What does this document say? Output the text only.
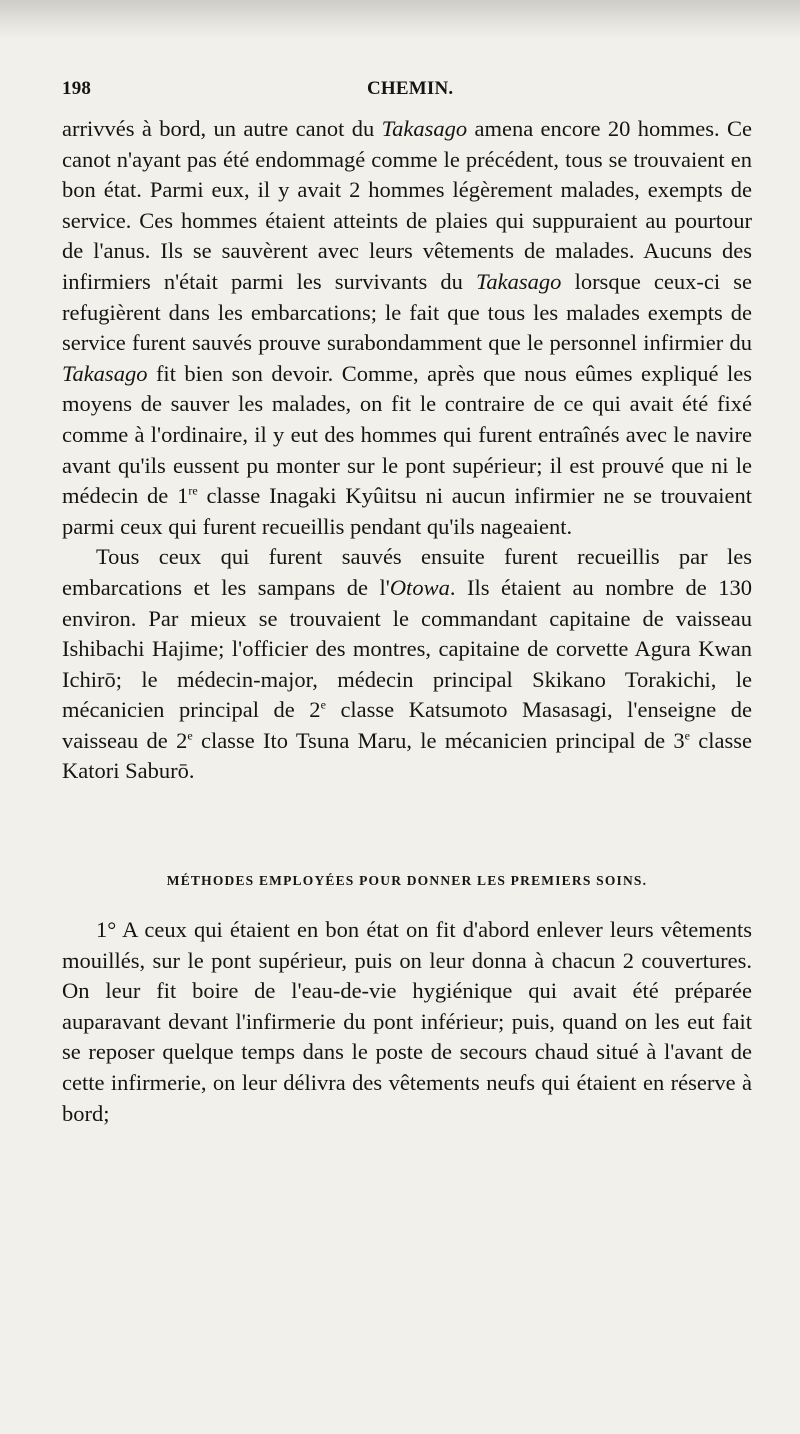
198	CHEMIN.

arrivvés à bord, un autre canot du Takasago amena encore 20 hommes. Ce canot n'ayant pas été endommagé comme le précédent, tous se trouvaient en bon état. Parmi eux, il y avait 2 hommes légèrement malades, exempts de service. Ces hommes étaient atteints de plaies qui suppuraient au pourtour de l'anus. Ils se sauvèrent avec leurs vêtements de malades. Aucuns des infirmiers n'était parmi les survivants du Takasago lorsque ceux-ci se refugièrent dans les embarcations; le fait que tous les malades exempts de service furent sauvés prouve surabondamment que le personnel infirmier du Takasago fit bien son devoir. Comme, après que nous eûmes expliqué les moyens de sauver les malades, on fit le contraire de ce qui avait été fixé comme à l'ordinaire, il y eut des hommes qui furent entraînés avec le navire avant qu'ils eussent pu monter sur le pont supérieur; il est prouvé que ni le médecin de 1re classe Inagaki Kyûitsu ni aucun infirmier ne se trouvaient parmi ceux qui furent recueillis pendant qu'ils nageaient.

Tous ceux qui furent sauvés ensuite furent recueillis par les embarcations et les sampans de l'Otowa. Ils étaient au nombre de 130 environ. Par mieux se trouvaient le commandant capitaine de vaisseau Ishibachi Hajime; l'officier des montres, capitaine de corvette Agura Kwan Ichirō; le médecin-major, médecin principal Skikano Torakichi, le mécanicien principal de 2e classe Katsumoto Masasagi, l'enseigne de vaisseau de 2e classe Ito Tsuna Maru, le mécanicien principal de 3e classe Katori Saburō.

MÉTHODES EMPLOYÉES POUR DONNER LES PREMIERS SOINS.

1° A ceux qui étaient en bon état on fit d'abord enlever leurs vêtements mouillés, sur le pont supérieur, puis on leur donna à chacun 2 couvertures. On leur fit boire de l'eau-de-vie hygiénique qui avait été préparée auparavant devant l'infirmerie du pont inférieur; puis, quand on les eut fait se reposer quelque temps dans le poste de secours chaud situé à l'avant de cette infirmerie, on leur délivra des vêtements neufs qui étaient en réserve à bord;
